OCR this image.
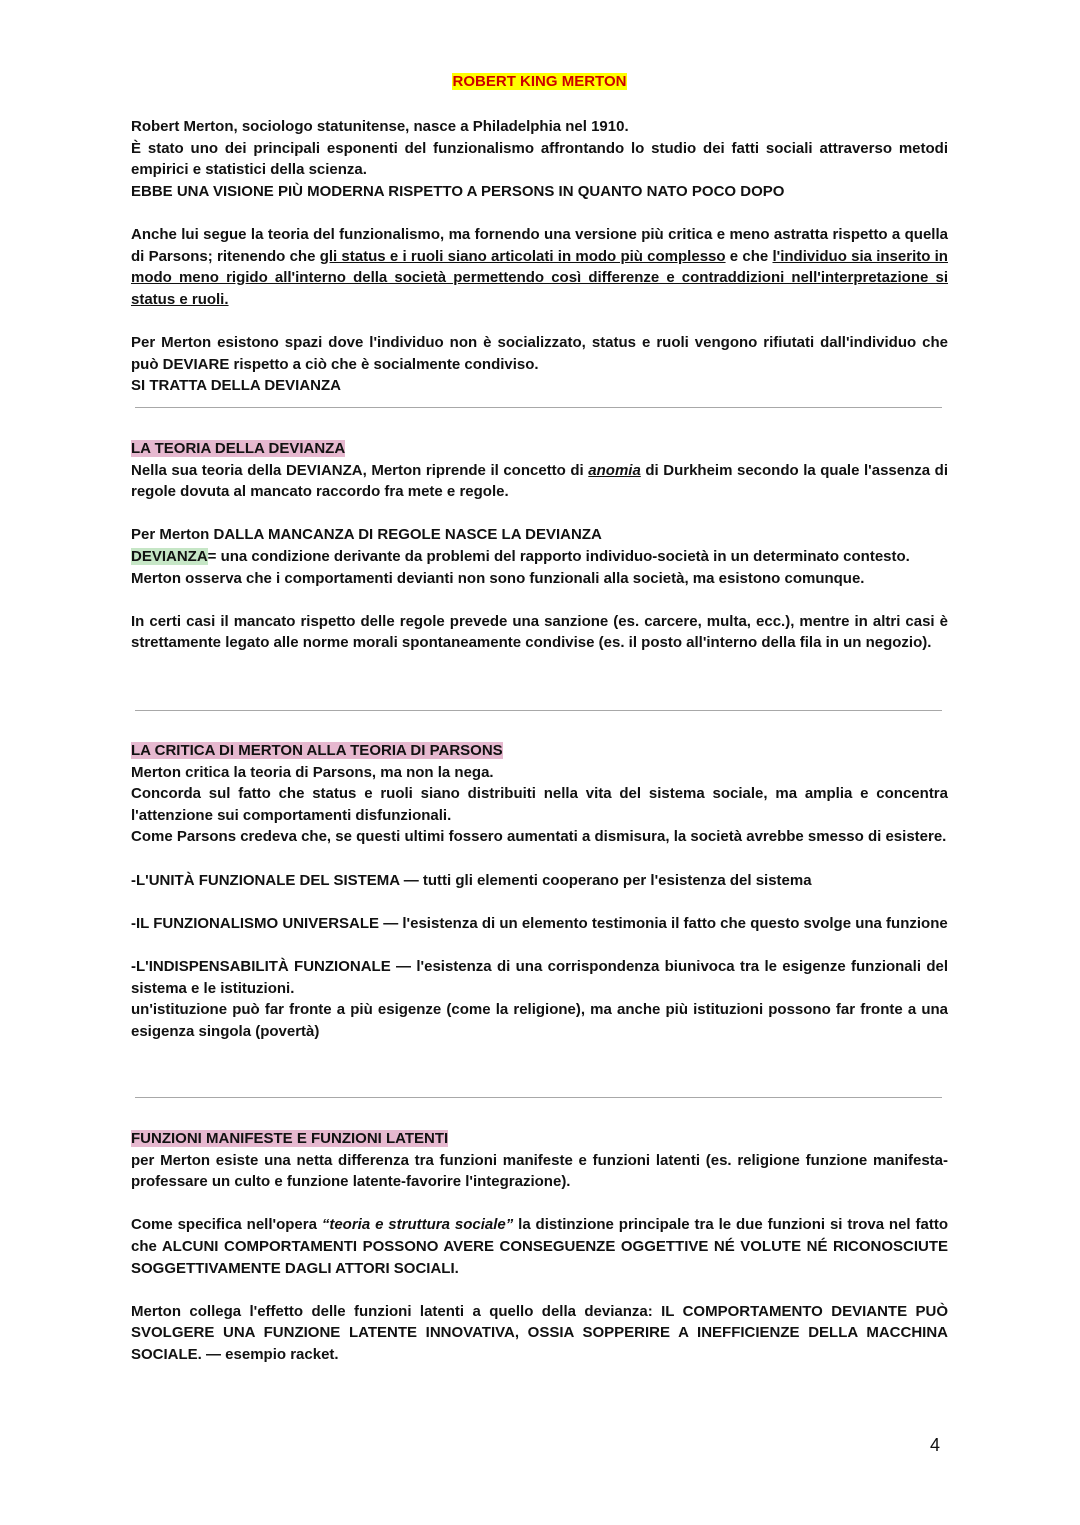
ROBERT KING MERTON

Robert Merton, sociologo statunitense, nasce a Philadelphia nel 1910.

È stato uno dei principali esponenti del funzionalismo affrontando lo studio dei fatti sociali attraverso metodi empirici e statistici della scienza.

EBBE UNA VISIONE PIÙ MODERNA RISPETTO A PERSONS IN QUANTO NATO POCO DOPO

Anche lui segue la teoria del funzionalismo, ma fornendo una versione più critica e meno astratta rispetto a quella di Parsons; ritenendo che gli status e i ruoli siano articolati in modo più complesso e che l'individuo sia inserito in modo meno rigido all'interno della società permettendo così differenze e contraddizioni nell'interpretazione si status e ruoli.

Per Merton esistono spazi dove l'individuo non è socializzato, status e ruoli vengono rifiutati dall'individuo che può DEVIARE rispetto a ciò che è socialmente condiviso.

SI TRATTA DELLA DEVIANZA

LA TEORIA DELLA DEVIANZA

Nella sua teoria della DEVIANZA, Merton riprende il concetto di anomia di Durkheim secondo la quale l'assenza di regole dovuta al mancato raccordo fra mete e regole.

Per Merton DALLA MANCANZA DI REGOLE NASCE LA DEVIANZA

DEVIANZA= una condizione derivante da problemi del rapporto individuo-società in un determinato contesto.

Merton osserva che i comportamenti devianti non sono funzionali alla società, ma esistono comunque.

In certi casi il mancato rispetto delle regole prevede una sanzione (es. carcere, multa, ecc.), mentre in altri casi è strettamente legato alle norme morali spontaneamente condivise (es. il posto all'interno della fila in un negozio).

LA CRITICA DI MERTON ALLA TEORIA DI PARSONS

Merton critica la teoria di Parsons, ma non la nega.

Concorda sul fatto che status e ruoli siano distribuiti nella vita del sistema sociale, ma amplia e concentra l'attenzione sui comportamenti disfunzionali.

Come Parsons credeva che, se questi ultimi fossero aumentati a dismisura, la società avrebbe smesso di esistere.

-L'UNITÀ FUNZIONALE DEL SISTEMA — tutti gli elementi cooperano per l'esistenza del sistema

-IL FUNZIONALISMO UNIVERSALE — l'esistenza di un elemento testimonia il fatto che questo svolge una funzione

-L'INDISPENSABILITÀ FUNZIONALE — l'esistenza di una corrispondenza biunivoca tra le esigenze funzionali del sistema e le istituzioni.

un'istituzione può far fronte a più esigenze (come la religione), ma anche più istituzioni possono far fronte a una esigenza singola (povertà)

FUNZIONI MANIFESTE E FUNZIONI LATENTI

per Merton esiste una netta differenza tra funzioni manifeste e funzioni latenti (es. religione funzione manifesta-professare un culto e funzione latente-favorire l'integrazione).

Come specifica nell'opera “teoria e struttura sociale” la distinzione principale tra le due funzioni si trova nel fatto che ALCUNI COMPORTAMENTI POSSONO AVERE CONSEGUENZE OGGETTIVE NÉ VOLUTE NÉ RICONOSCIUTE SOGGETTIVAMENTE DAGLI ATTORI SOCIALI.

Merton collega l'effetto delle funzioni latenti a quello della devianza: IL COMPORTAMENTO DEVIANTE PUÒ SVOLGERE UNA FUNZIONE LATENTE INNOVATIVA, OSSIA SOPPERIRE A INEFFICIENZE DELLA MACCHINA SOCIALE. — esempio racket.

4
